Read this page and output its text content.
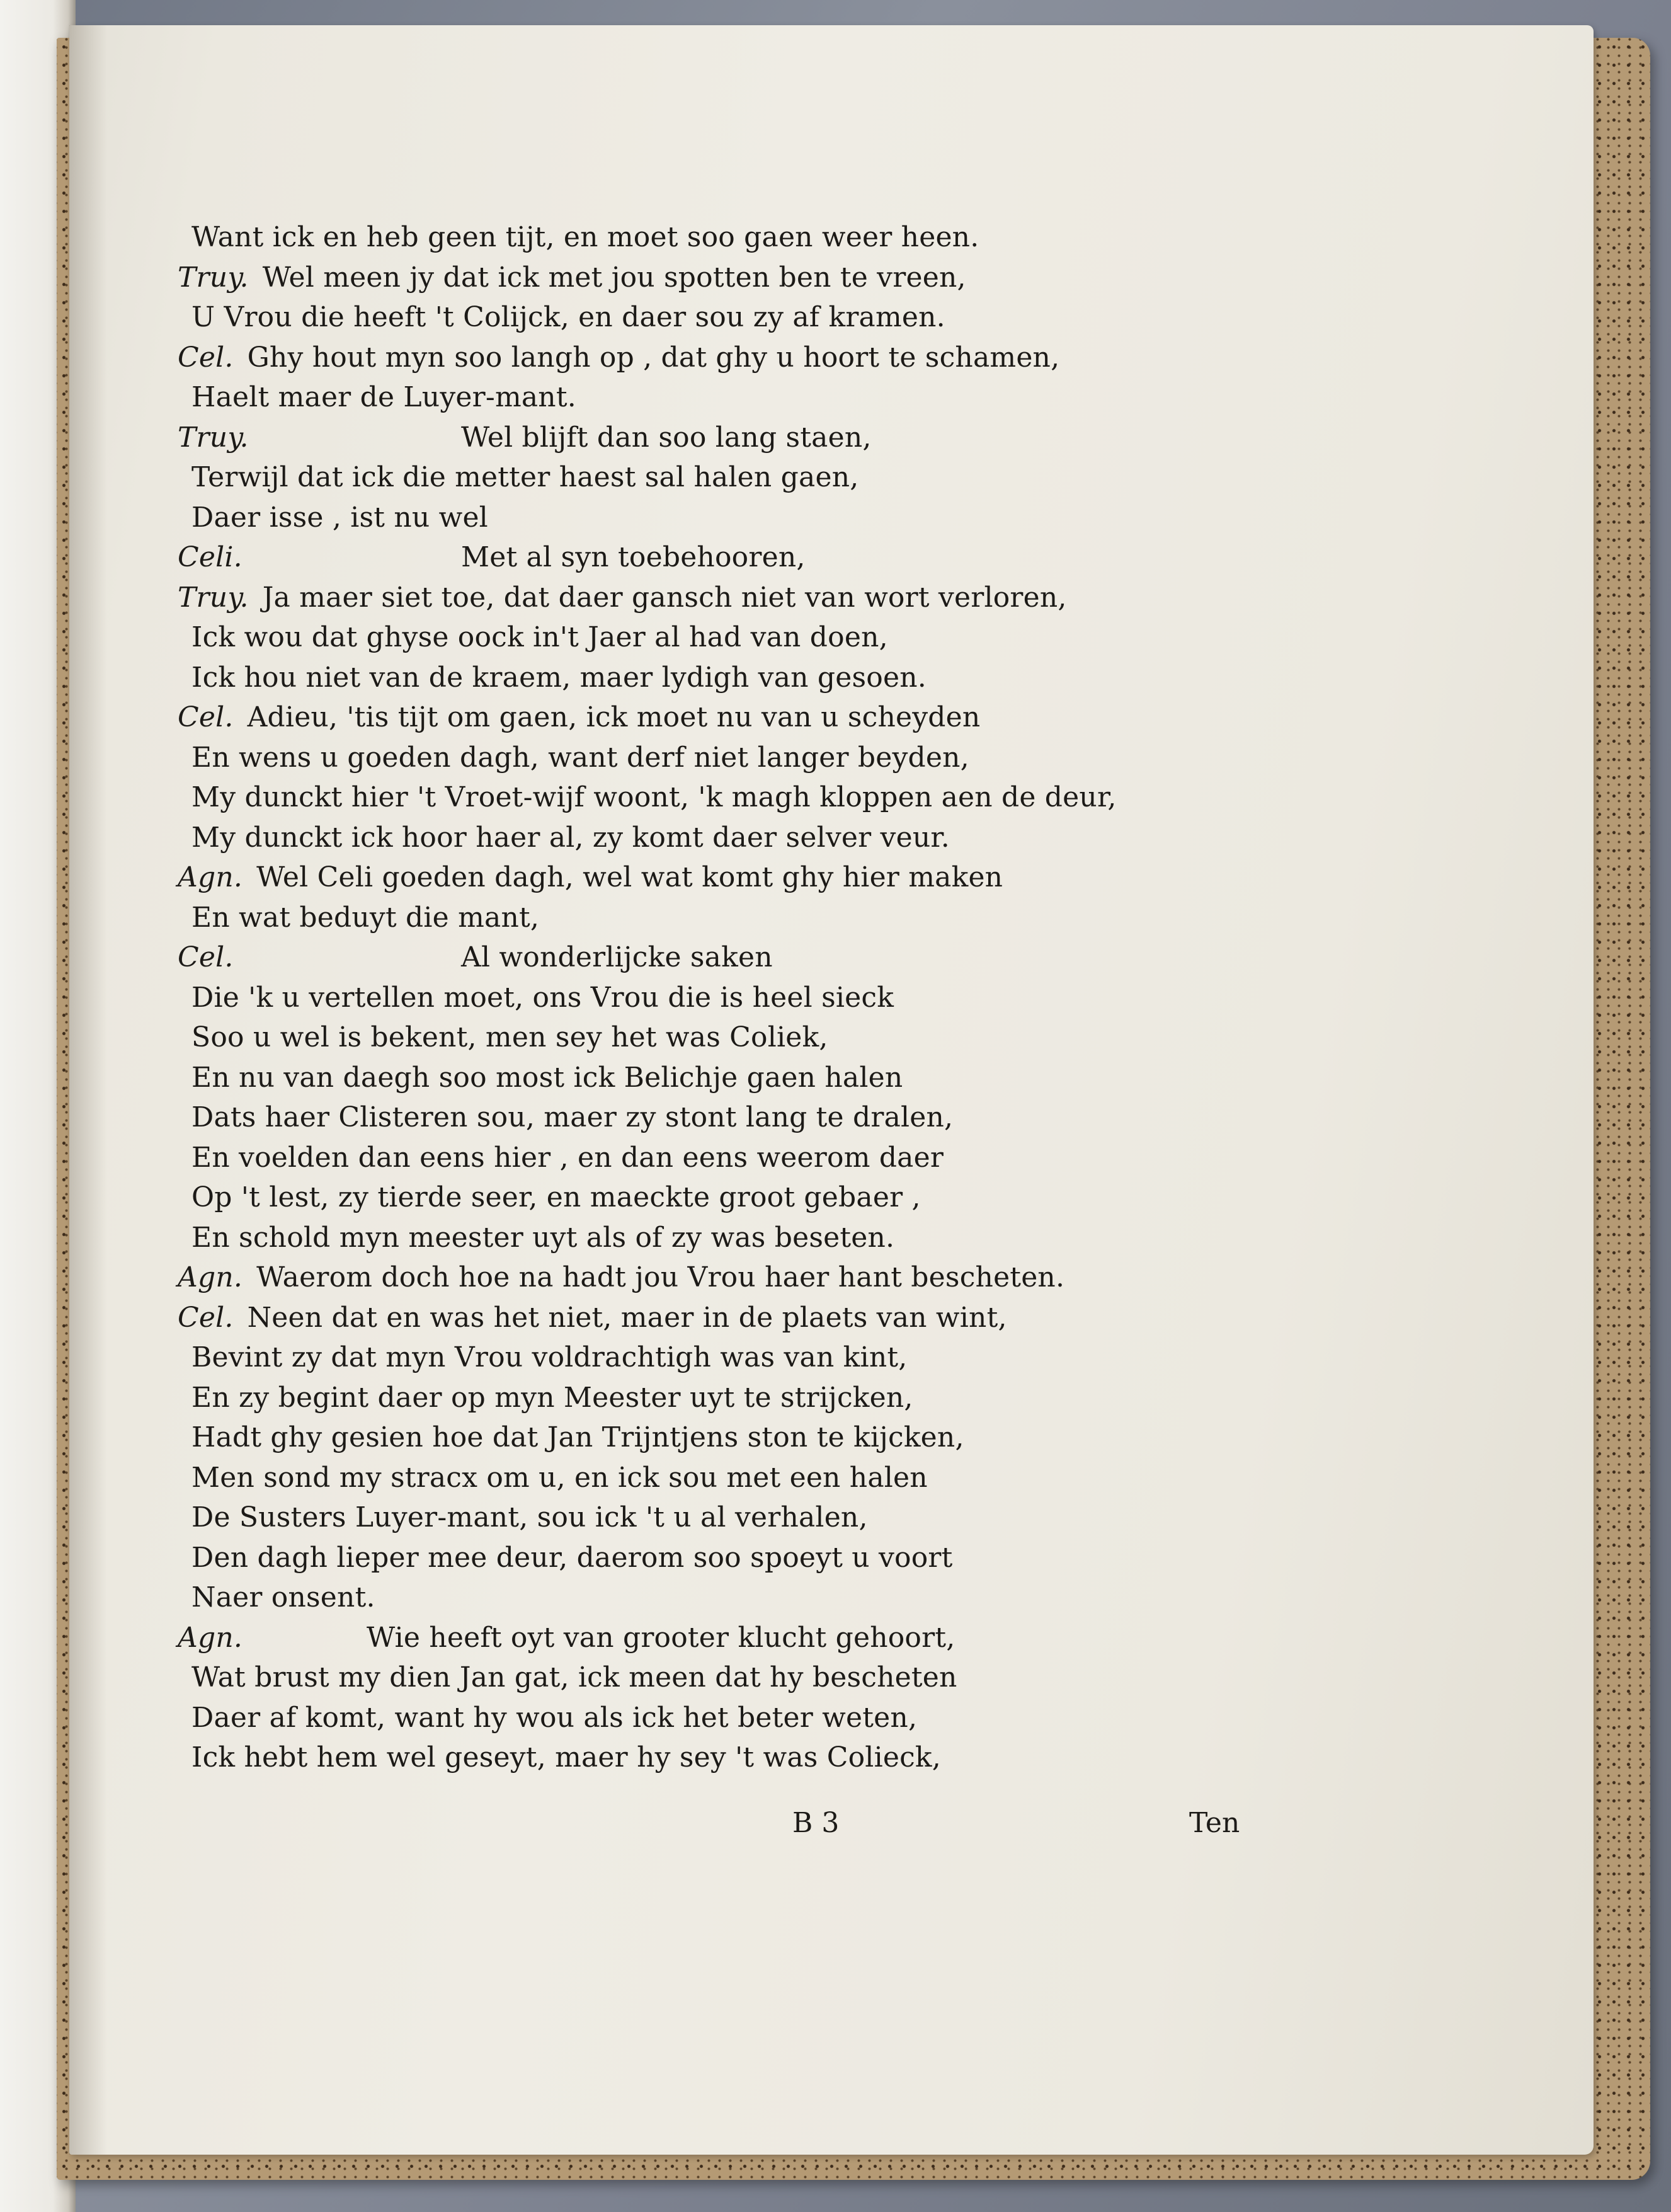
Want ick en heb geen tijt, en moet soo gaen weer heen.
Truy. Wel meen jy dat ick met jou spotten ben te vreen,
U Vrou die heeft 't Colijck, en daer sou zy af kramen.
Cel. Ghy hout myn soo langh op , dat ghy u hoort te schamen,
Haelt maer de Luyer-mant.
Truy.	Wel blijft dan soo lang staen,
Terwijl dat ick die metter haest sal halen gaen,
Daer isse , ist nu wel
Celi.	Met al syn toebehooren,
Truy. Ja maer siet toe, dat daer gansch niet van wort verloren,
Ick wou dat ghyse oock in't Jaer al had van doen,
Ick hou niet van de kraem, maer lydigh van gesoen.
Cel. Adieu, 'tis tijt om gaen, ick moet nu van u scheyden
En wens u goeden dagh, want derf niet langer beyden,
My dunckt hier 't Vroet-wijf woont, 'k magh kloppen aen de deur,
My dunckt ick hoor haer al, zy komt daer selver veur.
Agn. Wel Celi goeden dagh, wel wat komt ghy hier maken
En wat beduyt die mant,
Cel.	Al wonderlijcke saken
Die 'k u vertellen moet, ons Vrou die is heel sieck
Soo u wel is bekent, men sey het was Coliek,
En nu van daegh soo most ick Belichje gaen halen
Dats haer Clisteren sou, maer zy stont lang te dralen,
En voelden dan eens hier , en dan eens weerom daer
Op 't lest, zy tierde seer, en maeckte groot gebaer ,
En schold myn meester uyt als of zy was beseten.
Agn. Waerom doch hoe na hadt jou Vrou haer hant bescheten.
Cel. Neen dat en was het niet, maer in de plaets van wint,
Bevint zy dat myn Vrou voldrachtigh was van kint,
En zy begint daer op myn Meester uyt te strijcken,
Hadt ghy gesien hoe dat Jan Trijntjens ston te kijcken,
Men sond my stracx om u, en ick sou met een halen
De Susters Luyer-mant, sou ick 't u al verhalen,
Den dagh lieper mee deur, daerom soo spoeyt u voort
Naer onsent.
Agn.	Wie heeft oyt van grooter klucht gehoort,
Wat brust my dien Jan gat, ick meen dat hy bescheten
Daer af komt, want hy wou als ick het beter weten,
Ick hebt hem wel geseyt, maer hy sey 't was Colieck,
B 3	Ten
